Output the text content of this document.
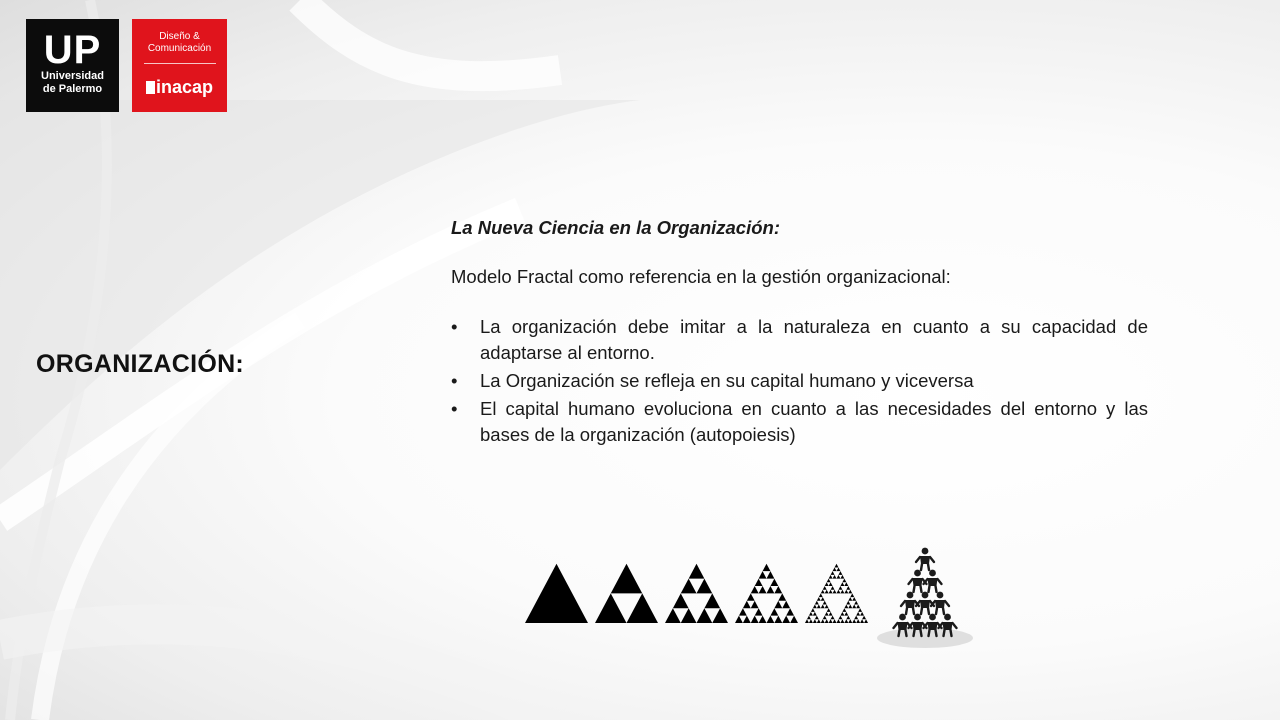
UP
Universidad
de Palermo
Diseño &
Comunicación
inacap
ORGANIZACIÓN:

La Nueva Ciencia en la Organización:

Modelo Fractal como referencia en la gestión organizacional:

• La organización debe imitar a la naturaleza en cuanto a su capacidad de adaptarse al entorno.
• La Organización se refleja en su capital humano y viceversa
• El capital humano evoluciona en cuanto a las necesidades del entorno y las bases de la organización (autopoiesis)
